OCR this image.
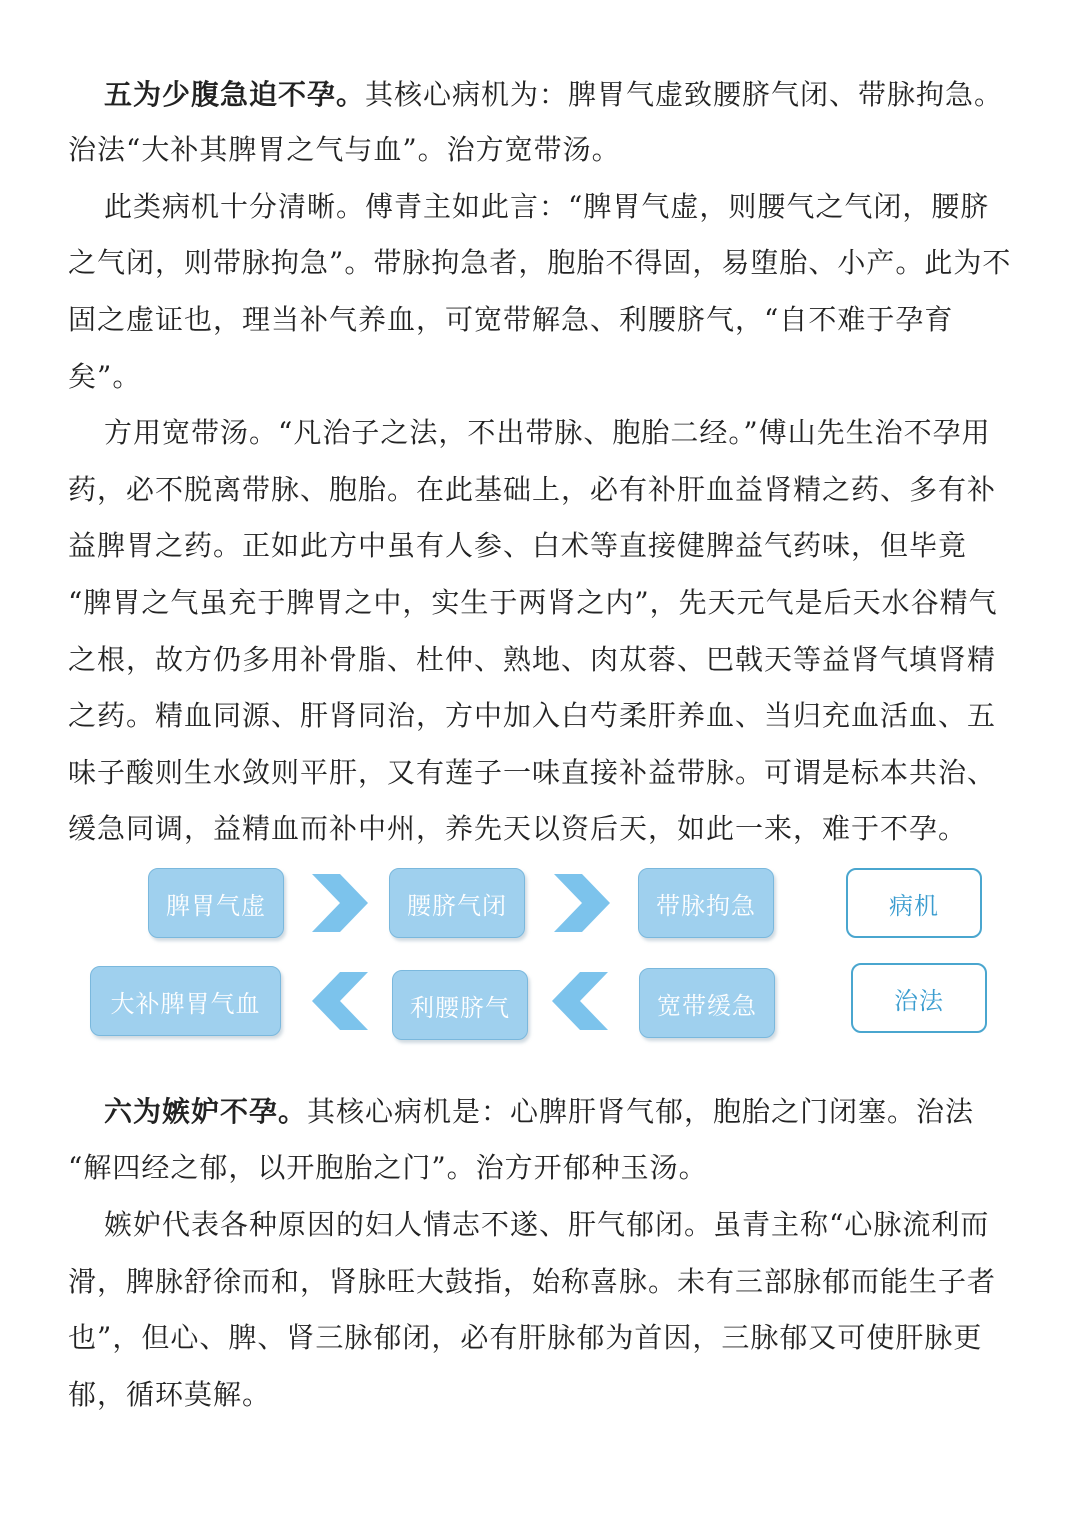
五为少腹急迫不孕。其核心病机为：脾胃气虚致腰脐气闭、带脉拘急。
治法“大补其脾胃之气与血”。治方宽带汤。
此类病机十分清晰。傅青主如此言：“脾胃气虚，则腰气之气闭，腰脐
之气闭，则带脉拘急”。带脉拘急者，胞胎不得固，易堕胎、小产。此为不
固之虚证也，理当补气养血，可宽带解急、利腰脐气，“自不难于孕育
矣”。
方用宽带汤。“凡治子之法，不出带脉、胞胎二经。”傅山先生治不孕用
药，必不脱离带脉、胞胎。在此基础上，必有补肝血益肾精之药、多有补
益脾胃之药。正如此方中虽有人参、白术等直接健脾益气药味，但毕竟
“脾胃之气虽充于脾胃之中，实生于两肾之内”，先天元气是后天水谷精气
之根，故方仍多用补骨脂、杜仲、熟地、肉苁蓉、巴戟天等益肾气填肾精
之药。精血同源、肝肾同治，方中加入白芍柔肝养血、当归充血活血、五
味子酸则生水敛则平肝，又有莲子一味直接补益带脉。可谓是标本共治、
缓急同调，益精血而补中州，养先天以资后天，如此一来，难于不孕。
脾胃气虚	腰脐气闭	带脉拘急	病机
大补脾胃气血	利腰脐气	宽带缓急	治法
六为嫉妒不孕。其核心病机是：心脾肝肾气郁，胞胎之门闭塞。治法
“解四经之郁，以开胞胎之门”。治方开郁种玉汤。
嫉妒代表各种原因的妇人情志不遂、肝气郁闭。虽青主称“心脉流利而
滑，脾脉舒徐而和，肾脉旺大鼓指，始称喜脉。未有三部脉郁而能生子者
也”，但心、脾、肾三脉郁闭，必有肝脉郁为首因，三脉郁又可使肝脉更
郁，循环莫解。
